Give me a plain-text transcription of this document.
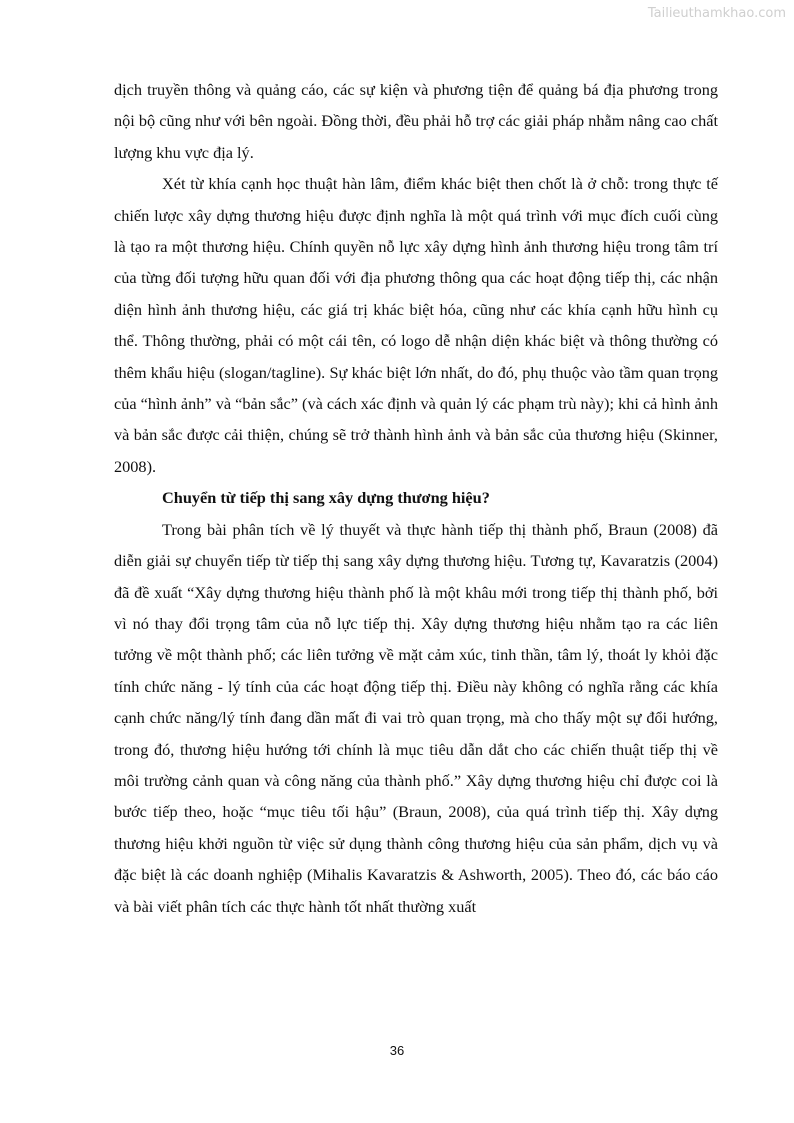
Tailieuthamkhao.com

dịch truyền thông và quảng cáo, các sự kiện và phương tiện để quảng bá địa phương trong nội bộ cũng như với bên ngoài. Đồng thời, đều phải hỗ trợ các giải pháp nhằm nâng cao chất lượng khu vực địa lý.

Xét từ khía cạnh học thuật hàn lâm, điểm khác biệt then chốt là ở chỗ: trong thực tế chiến lược xây dựng thương hiệu được định nghĩa là một quá trình với mục đích cuối cùng là tạo ra một thương hiệu. Chính quyền nỗ lực xây dựng hình ảnh thương hiệu trong tâm trí của từng đối tượng hữu quan đối với địa phương thông qua các hoạt động tiếp thị, các nhận diện hình ảnh thương hiệu, các giá trị khác biệt hóa, cũng như các khía cạnh hữu hình cụ thể. Thông thường, phải có một cái tên, có logo dễ nhận diện khác biệt và thông thường có thêm khẩu hiệu (slogan/tagline). Sự khác biệt lớn nhất, do đó, phụ thuộc vào tầm quan trọng của “hình ảnh” và “bản sắc” (và cách xác định và quản lý các phạm trù này); khi cả hình ảnh và bản sắc được cải thiện, chúng sẽ trở thành hình ảnh và bản sắc của thương hiệu (Skinner, 2008).

Chuyển từ tiếp thị sang xây dựng thương hiệu?

Trong bài phân tích về lý thuyết và thực hành tiếp thị thành phố, Braun (2008) đã diễn giải sự chuyển tiếp từ tiếp thị sang xây dựng thương hiệu. Tương tự, Kavaratzis (2004) đã đề xuất “Xây dựng thương hiệu thành phố là một khâu mới trong tiếp thị thành phố, bởi vì nó thay đổi trọng tâm của nỗ lực tiếp thị. Xây dựng thương hiệu nhằm tạo ra các liên tưởng về một thành phố; các liên tưởng về mặt cảm xúc, tinh thần, tâm lý, thoát ly khỏi đặc tính chức năng - lý tính của các hoạt động tiếp thị. Điều này không có nghĩa rằng các khía cạnh chức năng/lý tính đang dần mất đi vai trò quan trọng, mà cho thấy một sự đổi hướng, trong đó, thương hiệu hướng tới chính là mục tiêu dẫn dắt cho các chiến thuật tiếp thị về môi trường cảnh quan và công năng của thành phố.” Xây dựng thương hiệu chỉ được coi là bước tiếp theo, hoặc “mục tiêu tối hậu” (Braun, 2008), của quá trình tiếp thị. Xây dựng thương hiệu khởi nguồn từ việc sử dụng thành công thương hiệu của sản phẩm, dịch vụ và đặc biệt là các doanh nghiệp (Mihalis Kavaratzis & Ashworth, 2005). Theo đó, các báo cáo và bài viết phân tích các thực hành tốt nhất thường xuất

36
